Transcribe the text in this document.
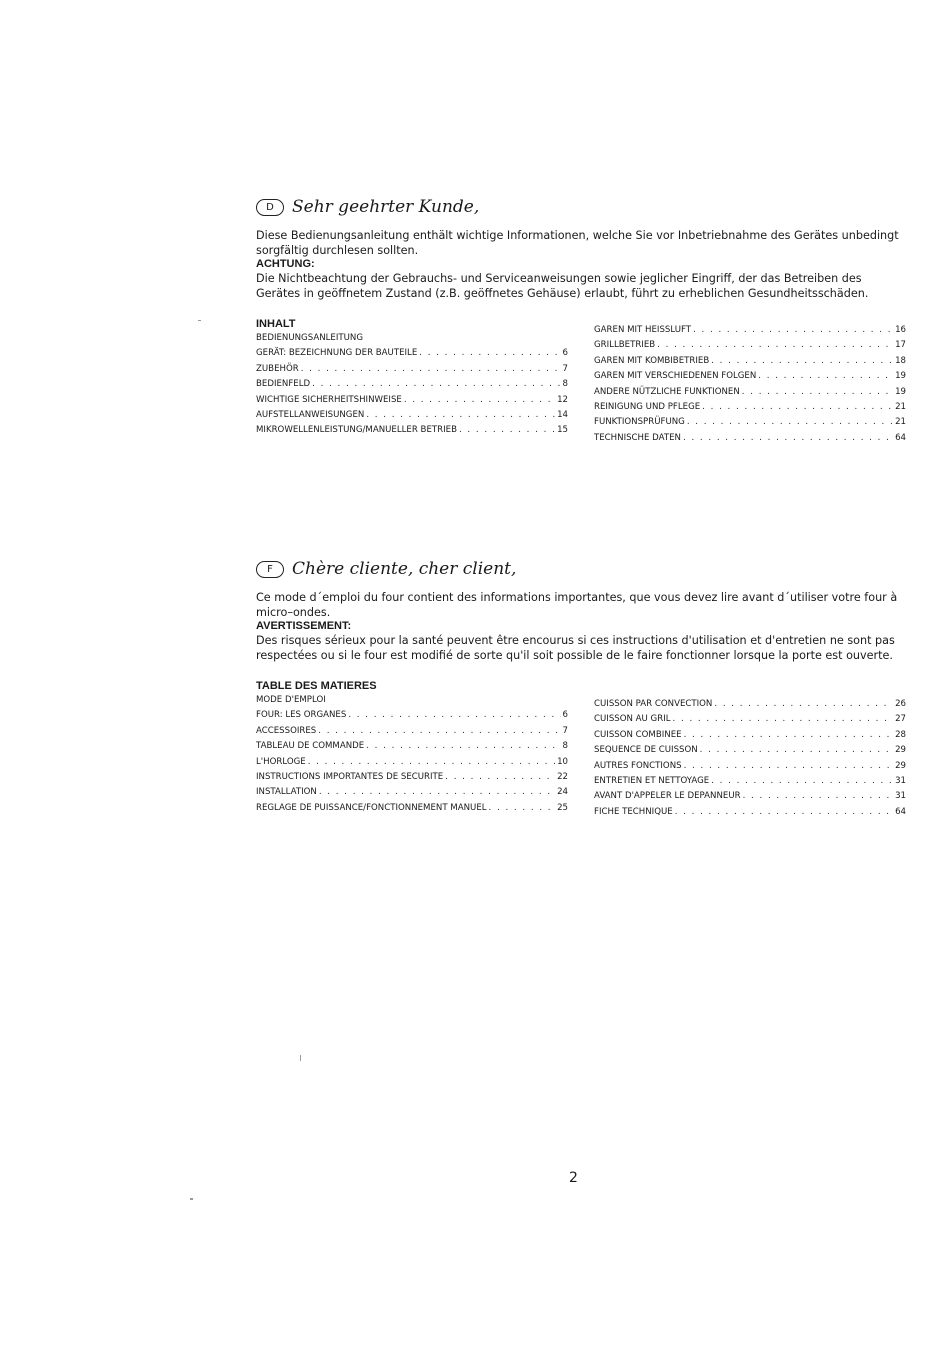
D	Sehr geehrter Kunde,

Diese Bedienungsanleitung enthält wichtige Informationen, welche Sie vor Inbetriebnahme des Gerätes unbedingt sorgfältig durchlesen sollten.

ACHTUNG:

Die Nichtbeachtung der Gebrauchs- und Serviceanweisungen sowie jeglicher Eingriff, der das Betreiben des Gerätes in geöffnetem Zustand (z.B. geöffnetes Gehäuse) erlaubt, führt zu erheblichen Gesundheitsschäden.

INHALT
BEDIENUNGSANLEITUNG
GERÄT: BEZEICHNUNG DER BAUTEILE . . .	6
ZUBEHÖR . . .	7
BEDIENFELD . . .	8
WICHTIGE SICHERHEITSHINWEISE . . .	12
AUFSTELLANWEISUNGEN . . .	14
MIKROWELLENLEISTUNG/MANUELLER BETRIEB . . .	15
GAREN MIT HEISSLUFT . . .	16
GRILLBETRIEB . . .	17
GAREN MIT KOMBIBETRIEB . . .	18
GAREN MIT VERSCHIEDENEN FOLGEN . . .	19
ANDERE NÜTZLICHE FUNKTIONEN . . .	19
REINIGUNG UND PFLEGE . . .	21
FUNKTIONSPRÜFUNG . . .	21
TECHNISCHE DATEN . . .	64
F	Chère cliente, cher client,

Ce mode d´emploi du four contient des informations importantes, que vous devez lire avant d´utiliser votre four à micro–ondes.

AVERTISSEMENT:

Des risques sérieux pour la santé peuvent être encourus si ces instructions d'utilisation et d'entretien ne sont pas respectées ou si le four est modifié de sorte qu'il soit possible de le faire fonctionner lorsque la porte est ouverte.

TABLE DES MATIERES
MODE D'EMPLOI
FOUR: LES ORGANES . . .	6
ACCESSOIRES . . .	7
TABLEAU DE COMMANDE . . .	8
L'HORLOGE . . .	10
INSTRUCTIONS IMPORTANTES DE SECURITE . . .	22
INSTALLATION . . .	24
REGLAGE DE PUISSANCE/FONCTIONNEMENT MANUEL . . .	25
CUISSON PAR CONVECTION . . .	26
CUISSON AU GRIL . . .	27
CUISSON COMBINEE . . .	28
SEQUENCE DE CUISSON . . .	29
AUTRES FONCTIONS . . .	29
ENTRETIEN ET NETTOYAGE . . .	31
AVANT D'APPELER LE DEPANNEUR . . .	31
FICHE TECHNIQUE . . .	64
2
